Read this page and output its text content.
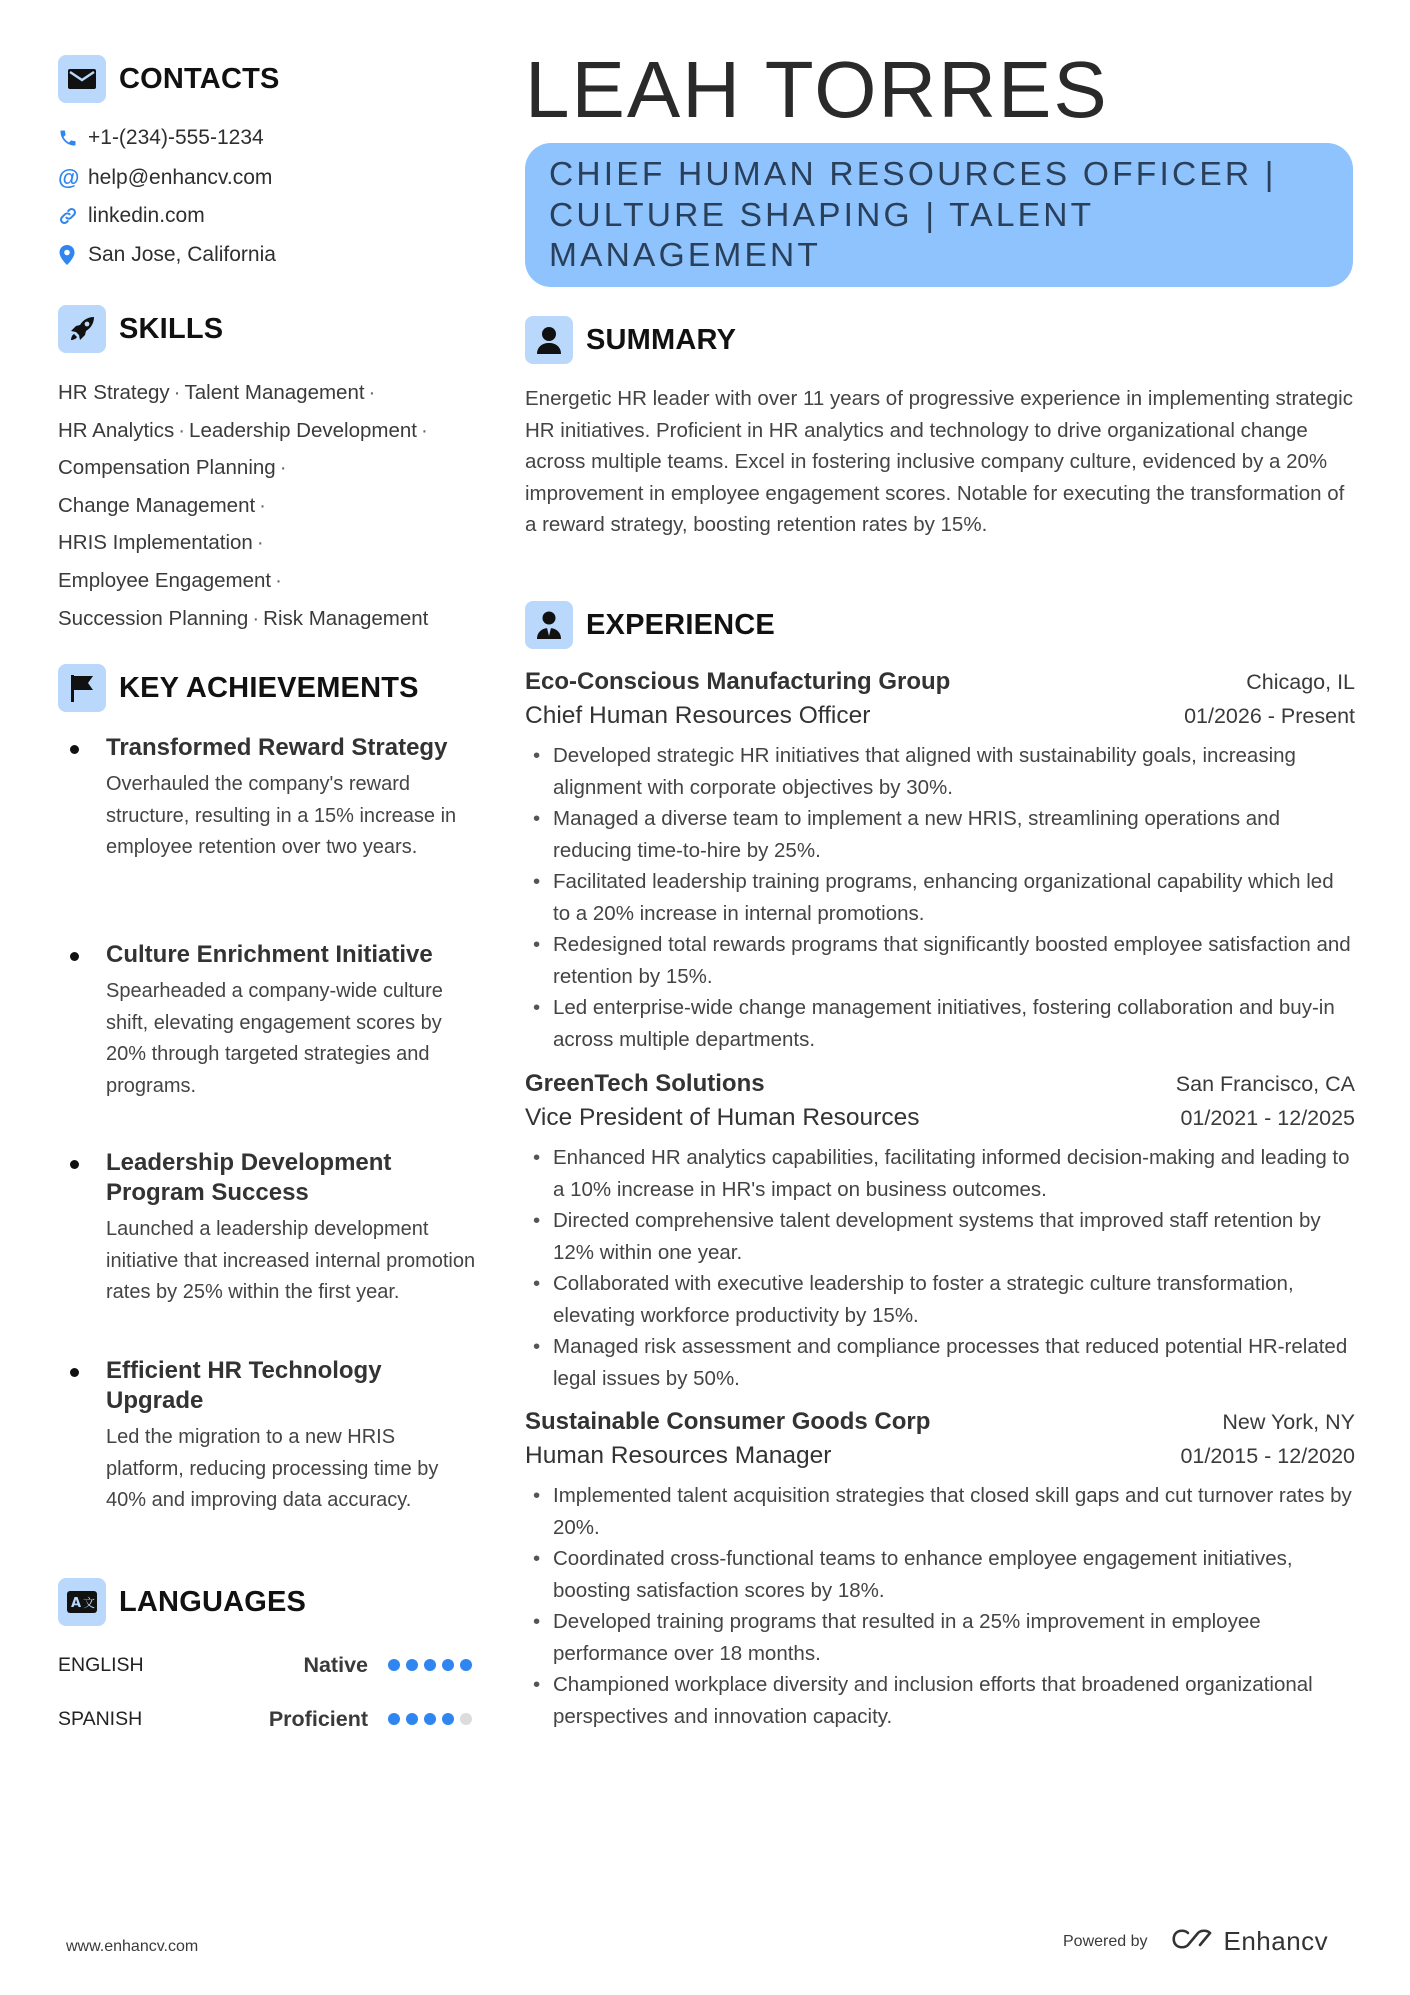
CONTACTS
+1-(234)-555-1234
@ help@enhancv.com
linkedin.com
San Jose, California
SKILLS
HR Strategy · Talent Management ·
HR Analytics · Leadership Development ·
Compensation Planning ·
Change Management ·
HRIS Implementation ·
Employee Engagement ·
Succession Planning · Risk Management
KEY ACHIEVEMENTS
Transformed Reward Strategy
Overhauled the company's reward structure, resulting in a 15% increase in employee retention over two years.
Culture Enrichment Initiative
Spearheaded a company-wide culture shift, elevating engagement scores by 20% through targeted strategies and programs.
Leadership Development Program Success
Launched a leadership development initiative that increased internal promotion rates by 25% within the first year.
Efficient HR Technology Upgrade
Led the migration to a new HRIS platform, reducing processing time by 40% and improving data accuracy.
A 文 LANGUAGES
ENGLISH	Native
SPANISH	Proficient
LEAH TORRES
CHIEF HUMAN RESOURCES OFFICER |
CULTURE SHAPING | TALENT
MANAGEMENT
SUMMARY
Energetic HR leader with over 11 years of progressive experience in implementing strategic HR initiatives. Proficient in HR analytics and technology to drive organizational change across multiple teams. Excel in fostering inclusive company culture, evidenced by a 20% improvement in employee engagement scores. Notable for executing the transformation of a reward strategy, boosting retention rates by 15%.
EXPERIENCE
Eco-Conscious Manufacturing Group	Chicago, IL
Chief Human Resources Officer	01/2026 - Present
• Developed strategic HR initiatives that aligned with sustainability goals, increasing alignment with corporate objectives by 30%.
• Managed a diverse team to implement a new HRIS, streamlining operations and reducing time-to-hire by 25%.
• Facilitated leadership training programs, enhancing organizational capability which led to a 20% increase in internal promotions.
• Redesigned total rewards programs that significantly boosted employee satisfaction and retention by 15%.
• Led enterprise-wide change management initiatives, fostering collaboration and buy-in across multiple departments.
GreenTech Solutions	San Francisco, CA
Vice President of Human Resources	01/2021 - 12/2025
• Enhanced HR analytics capabilities, facilitating informed decision-making and leading to a 10% increase in HR's impact on business outcomes.
• Directed comprehensive talent development systems that improved staff retention by 12% within one year.
• Collaborated with executive leadership to foster a strategic culture transformation, elevating workforce productivity by 15%.
• Managed risk assessment and compliance processes that reduced potential HR-related legal issues by 50%.
Sustainable Consumer Goods Corp	New York, NY
Human Resources Manager	01/2015 - 12/2020
• Implemented talent acquisition strategies that closed skill gaps and cut turnover rates by 20%.
• Coordinated cross-functional teams to enhance employee engagement initiatives, boosting satisfaction scores by 18%.
• Developed training programs that resulted in a 25% improvement in employee performance over 18 months.
• Championed workplace diversity and inclusion efforts that broadened organizational perspectives and innovation capacity.
www.enhancv.com	Powered by	Enhancv
